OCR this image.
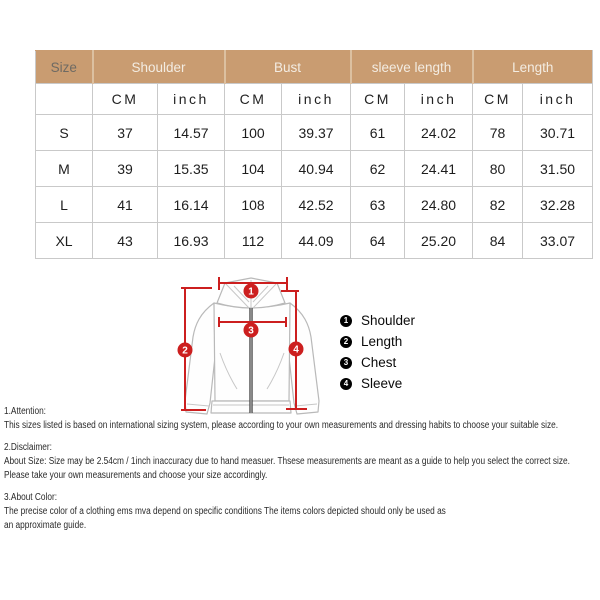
Size	Shoulder		Bust		sleeve length		Length	
	CM	inch	CM	inch	CM	inch	CM	inch
S	37	14.57	100	39.37	61	24.02	78	30.71
M	39	15.35	104	40.94	62	24.41	80	31.50
L	41	16.14	108	42.52	63	24.80	82	32.28
XL	43	16.93	112	44.09	64	25.20	84	33.07
1
2
3
4
1 Shoulder
2 Length
3 Chest
4 Sleeve
1.Attention:
This sizes listed is based on international sizing system, please according to your own measurements and dressing habits to choose your suitable size.
2.Disclaimer:
About Size: Size may be 2.54cm / 1inch inaccuracy due to hand measuer. Thsese measurements are meant as a guide to help you select the correct size.
Please take your own measurements and choose your size accordingly.
3.About Color:
The precise color of a clothing ems mva depend on specific conditions The items colors depicted should only be used as
an approximate guide.
